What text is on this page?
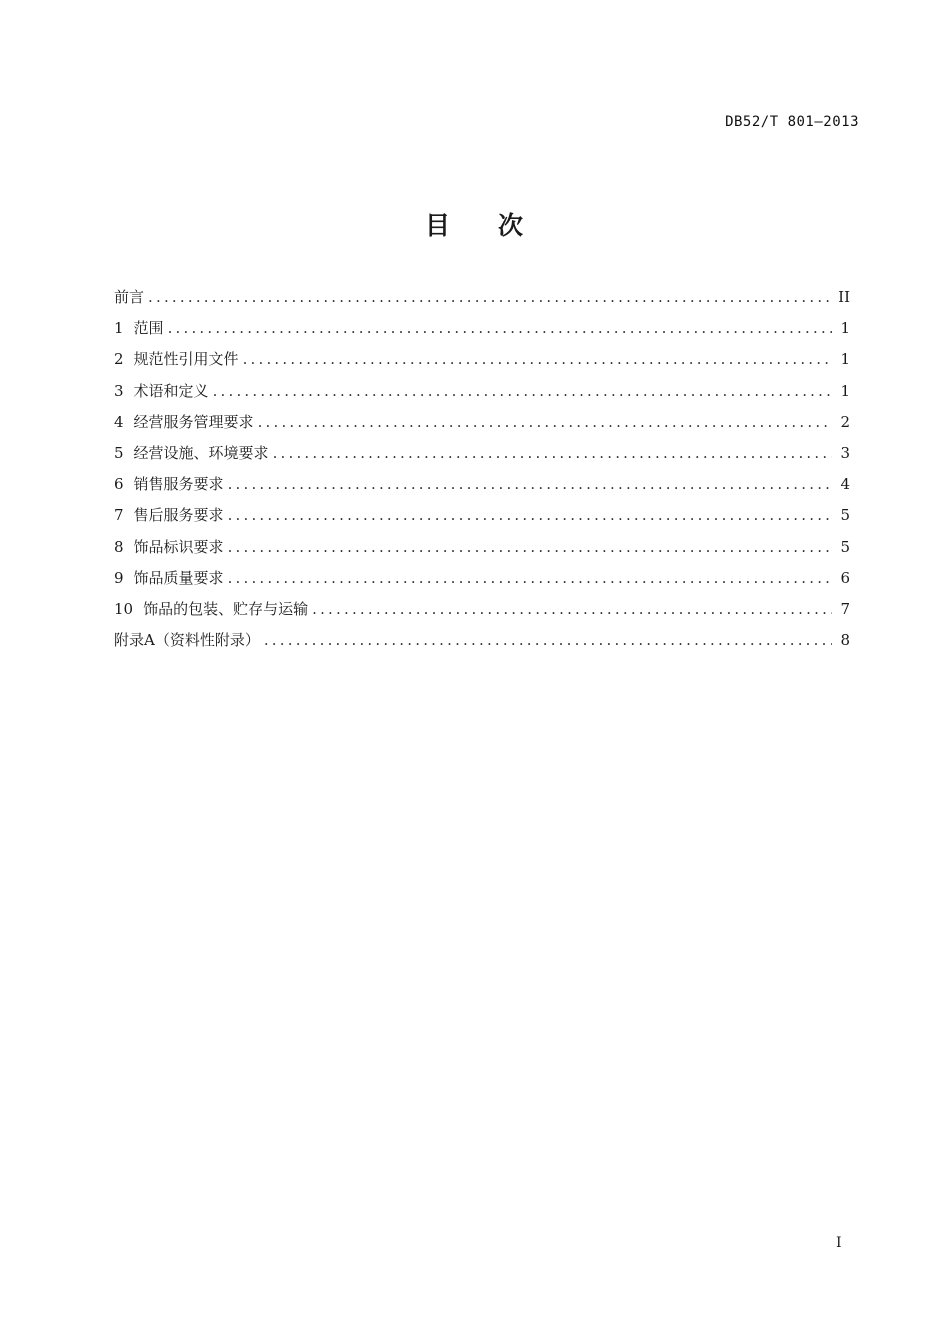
DB52/T 801—2013
目 次
前言 .....	II
1 范围 .....	1
2 规范性引用文件 .....	1
3 术语和定义 .....	1
4 经营服务管理要求 .....	2
5 经营设施、环境要求 .....	3
6 销售服务要求 .....	4
7 售后服务要求 .....	5
8 饰品标识要求 .....	5
9 饰品质量要求 .....	6
10 饰品的包装、贮存与运输 .....	7
附录A（资料性附录） .....	8
I
